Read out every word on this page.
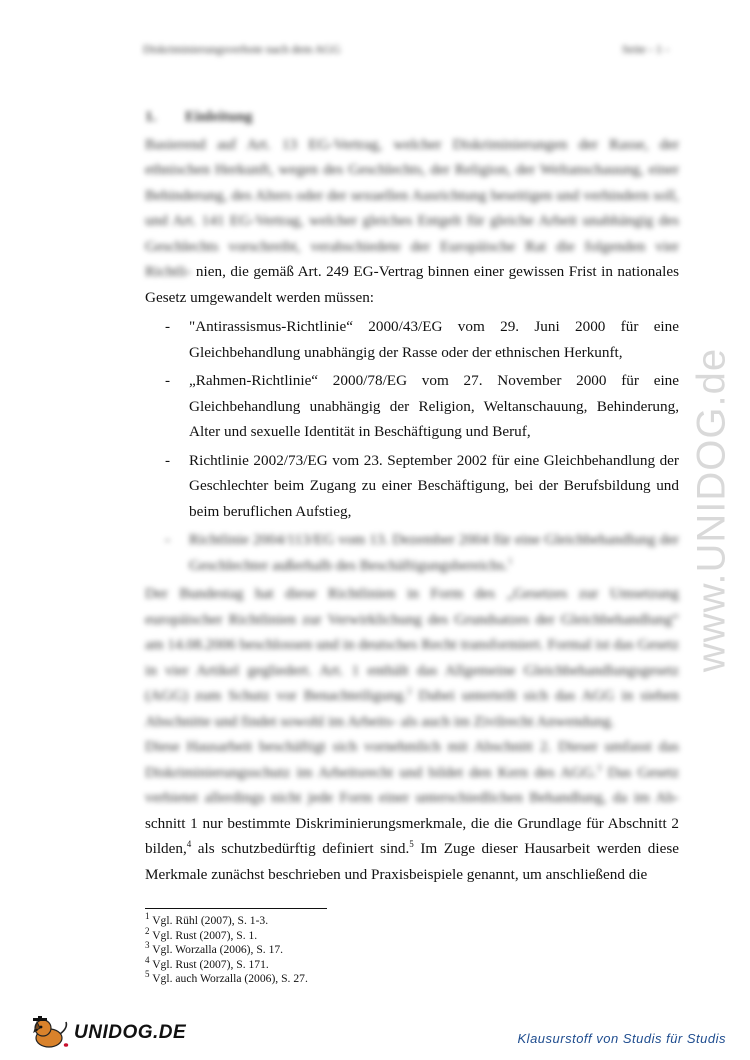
Diskriminierungsverbote nach dem AGG	Seite - 1 -
1.	Einleitung

Basierend auf Art. 13 EG-Vertrag, welcher Diskriminierungen der Rasse, der ethnischen Herkunft, wegen des Geschlechts, der Religion, der Weltanschauung, einer Behinderung, des Alters oder der sexuellen Ausrichtung beseitigen und verhindern soll, und Art. 141 EG-Vertrag, welcher gleiches Entgelt für gleiche Arbeit unabhängig des Geschlechts vorschreibt, verabschiedete der Europäische Rat die folgenden vier Richtli- nien, die gemäß Art. 249 EG-Vertrag binnen einer gewissen Frist in nationales Gesetz umgewandelt werden müssen:

- "Antirassismus-Richtlinie“ 2000/43/EG vom 29. Juni 2000 für eine Gleichbehandlung unabhängig der Rasse oder der ethnischen Herkunft,
- „Rahmen-Richtlinie“ 2000/78/EG vom 27. November 2000 für eine Gleichbehandlung unabhängig der Religion, Weltanschauung, Behinderung, Alter und sexuelle Identität in Beschäftigung und Beruf,
- Richtlinie 2002/73/EG vom 23. September 2002 für eine Gleichbehandlung der Geschlechter beim Zugang zu einer Beschäftigung, bei der Berufsbildung und beim beruflichen Aufstieg,
- Richtlinie 2004/113/EG vom 13. Dezember 2004 für eine Gleichbehandlung der Geschlechter außerhalb des Beschäftigungsbereichs.$^1$

Der Bundestag hat diese Richtlinien in Form des „Gesetzes zur Umsetzung europäischer Richtlinien zur Verwirklichung des Grundsatzes der Gleichbehandlung“ am 14.08.2006 beschlossen und in deutsches Recht transformiert. Formal ist das Gesetz in vier Artikel gegliedert. Art. 1 enthält das Allgemeine Gleichbehandlungsgesetz (AGG) zum Schutz vor Benachteiligung.$^2$ Dabei unterteilt sich das AGG in sieben Abschnitte und findet sowohl im Arbeits- als auch im Zivilrecht Anwendung.

Diese Hausarbeit beschäftigt sich vornehmlich mit Abschnitt 2. Dieser umfasst das Diskriminierungsschutz im Arbeitsrecht und bildet den Kern des AGG.$^3$ Das Gesetz verbietet allerdings nicht jede Form einer unterschiedlichen Behandlung, da im Ab- schnitt 1 nur bestimmte Diskriminierungsmerkmale, die die Grundlage für Abschnitt 2 bilden,$^4$ als schutzbedürftig definiert sind.$^5$ Im Zuge dieser Hausarbeit werden diese Merkmale zunächst beschrieben und Praxisbeispiele genannt, um anschließend die

$^1$ Vgl. Rühl (2007), S. 1-3.
$^2$ Vgl. Rust (2007), S. 1.
$^3$ Vgl. Worzalla (2006), S. 17.
$^4$ Vgl. Rust (2007), S. 171.
$^5$ Vgl. auch Worzalla (2006), S. 27.
www.UNIDOG.de
UNIDOG.DE	Klausurstoff von Studis für Studis
